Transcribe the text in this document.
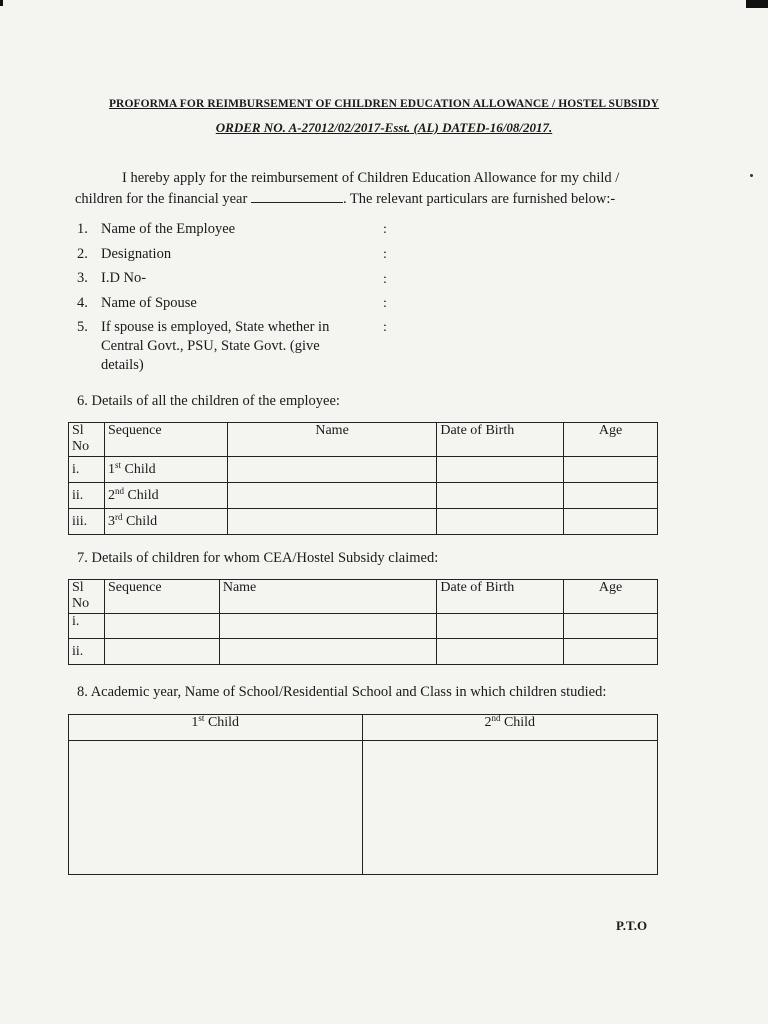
PROFORMA FOR REIMBURSEMENT OF CHILDREN EDUCATION ALLOWANCE / HOSTEL SUBSIDY
ORDER NO. A-27012/02/2017-Esst. (AL) DATED-16/08/2017.
I hereby apply for the reimbursement of Children Education Allowance for my child /
children for the financial year	. The relevant particulars are furnished below:-
1. Name of the Employee	:
2. Designation	:
3. I.D No-	:
4. Name of Spouse	:
5. If spouse is employed, State whether in Central Govt., PSU, State Govt. (give details)
:
6. Details of all the children of the employee:
Sl No	Sequence	Name	Date of Birth	Age
i.	1st Child			
ii.	2nd Child			
iii.	3rd Child			
7. Details of children for whom CEA/Hostel Subsidy claimed:
Sl No	Sequence	Name	Date of Birth	Age
i.				
ii.				
8. Academic year, Name of School/Residential School and Class in which children studied:
1st Child	2nd Child

P.T.O
